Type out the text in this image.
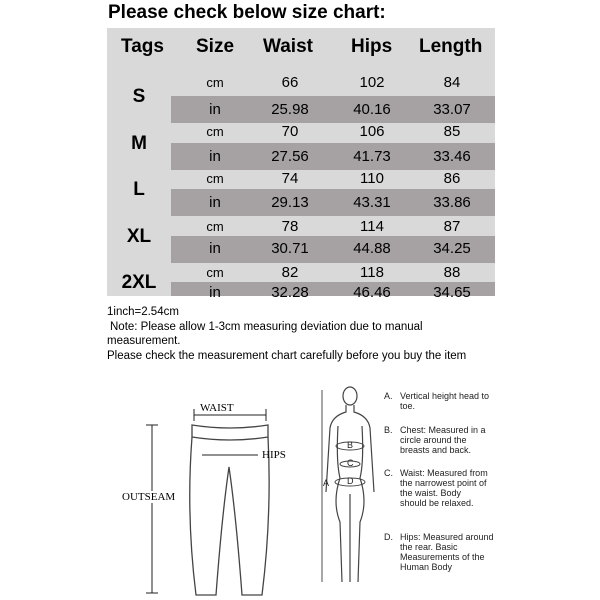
Please check below size chart:
Tags Size Waist Hips Length
S
cm	66	102	84
in	25.98	40.16	33.07
M
cm	70	106	85
in	27.56	41.73	33.46
L
cm	74	110	86
in	29.13	43.31	33.86
XL	cm	78	114	87
in	30.71	44.88	34.25
2XL	cm	82	118	88
in	32.28	46.46	34.65
1inch=2.54cm
Note: Please allow 1-3cm measuring deviation due to manual
measurement.
Please check the measurement chart carefully before you buy the item
WAIST
HIPS
OUTSEAM
B
C
D
A
A. Vertical height head to toe.
B. Chest: Measured in a circle around the breasts and back.
C. Waist: Measured from the narrowest point of the waist. Body should be relaxed.
D. Hips: Measured around the rear. Basic Measurements of the Human Body
